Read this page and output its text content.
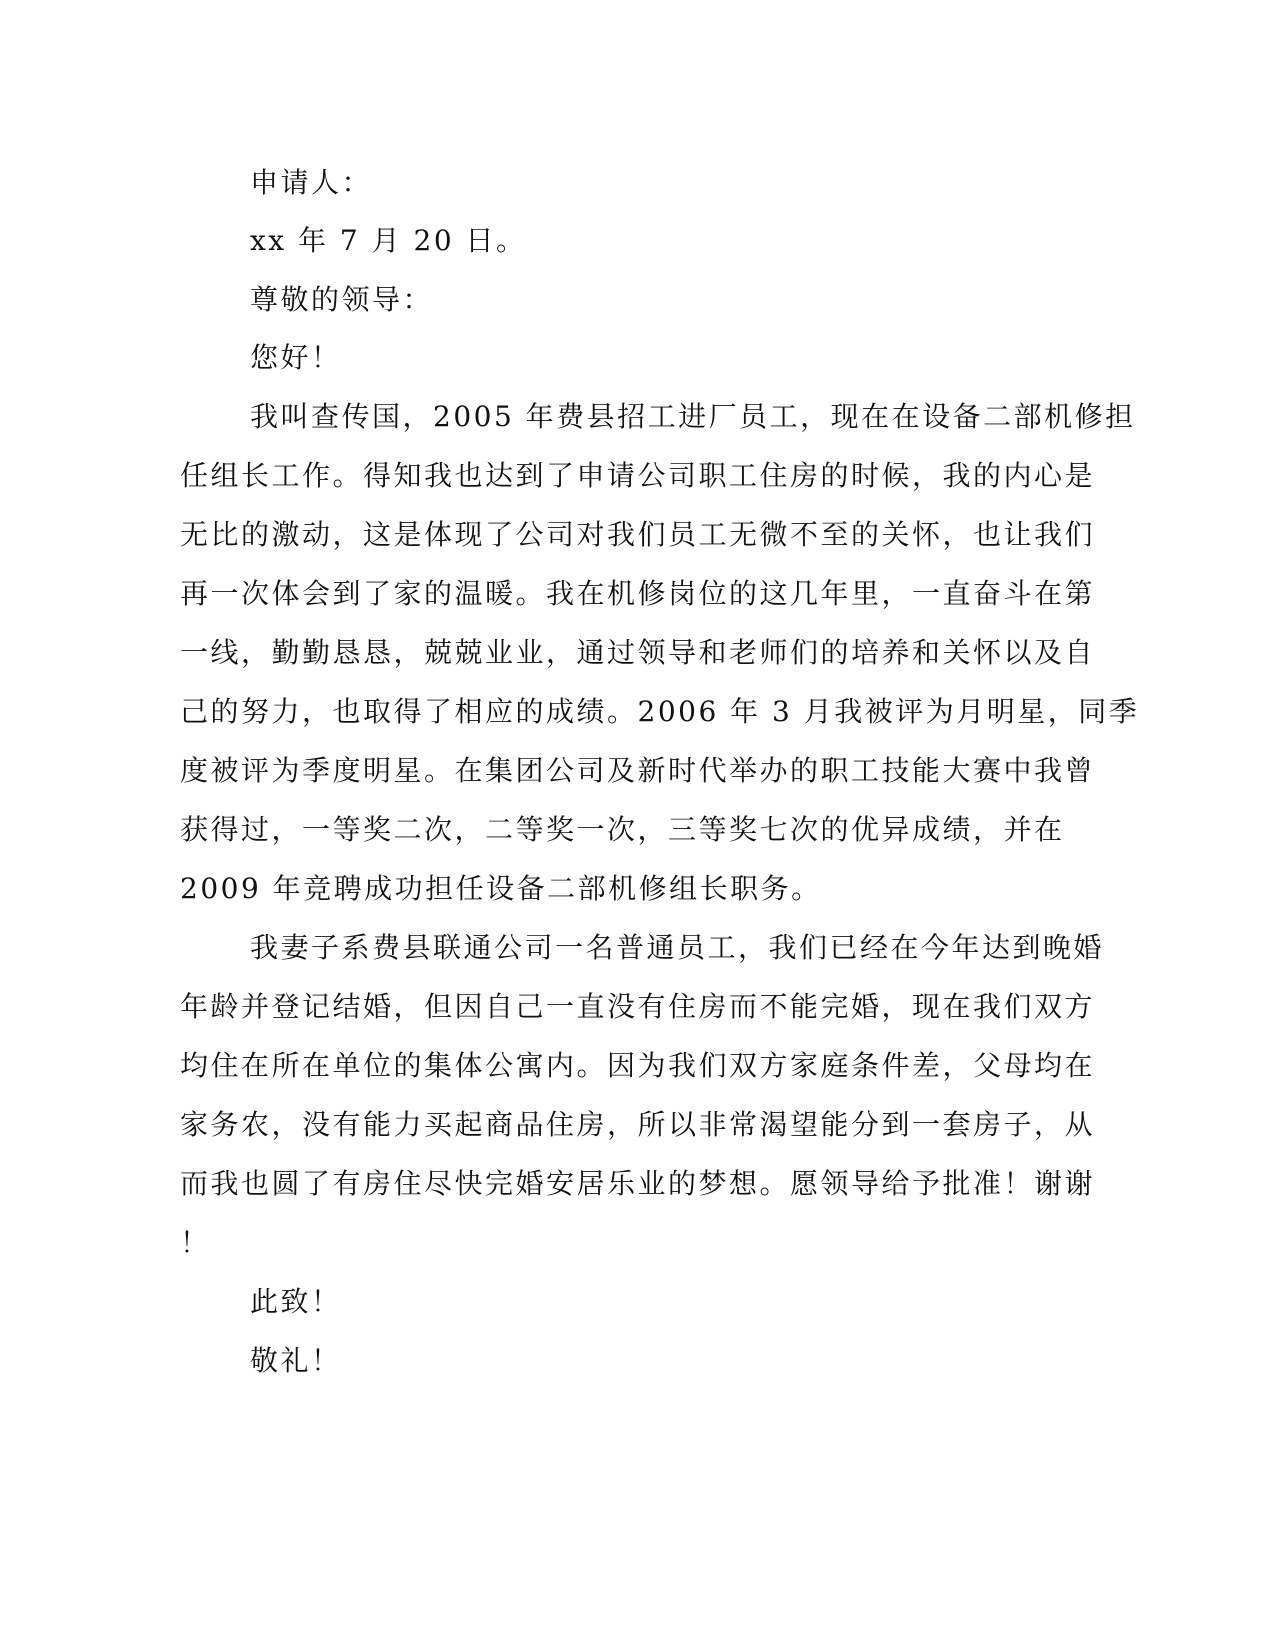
申请人：
xx 年 7 月 20 日。
尊敬的领导：
您好！
我叫查传国，2005 年费县招工进厂员工，现在在设备二部机修担
任组长工作。得知我也达到了申请公司职工住房的时候，我的内心是
无比的激动，这是体现了公司对我们员工无微不至的关怀，也让我们
再一次体会到了家的温暖。我在机修岗位的这几年里，一直奋斗在第
一线，勤勤恳恳，兢兢业业，通过领导和老师们的培养和关怀以及自
己的努力，也取得了相应的成绩。2006 年 3 月我被评为月明星，同季
度被评为季度明星。在集团公司及新时代举办的职工技能大赛中我曾
获得过，一等奖二次，二等奖一次，三等奖七次的优异成绩，并在
2009 年竞聘成功担任设备二部机修组长职务。
我妻子系费县联通公司一名普通员工，我们已经在今年达到晚婚
年龄并登记结婚，但因自己一直没有住房而不能完婚，现在我们双方
均住在所在单位的集体公寓内。因为我们双方家庭条件差，父母均在
家务农，没有能力买起商品住房，所以非常渴望能分到一套房子，从
而我也圆了有房住尽快完婚安居乐业的梦想。愿领导给予批准！谢谢
！
此致！
敬礼！
